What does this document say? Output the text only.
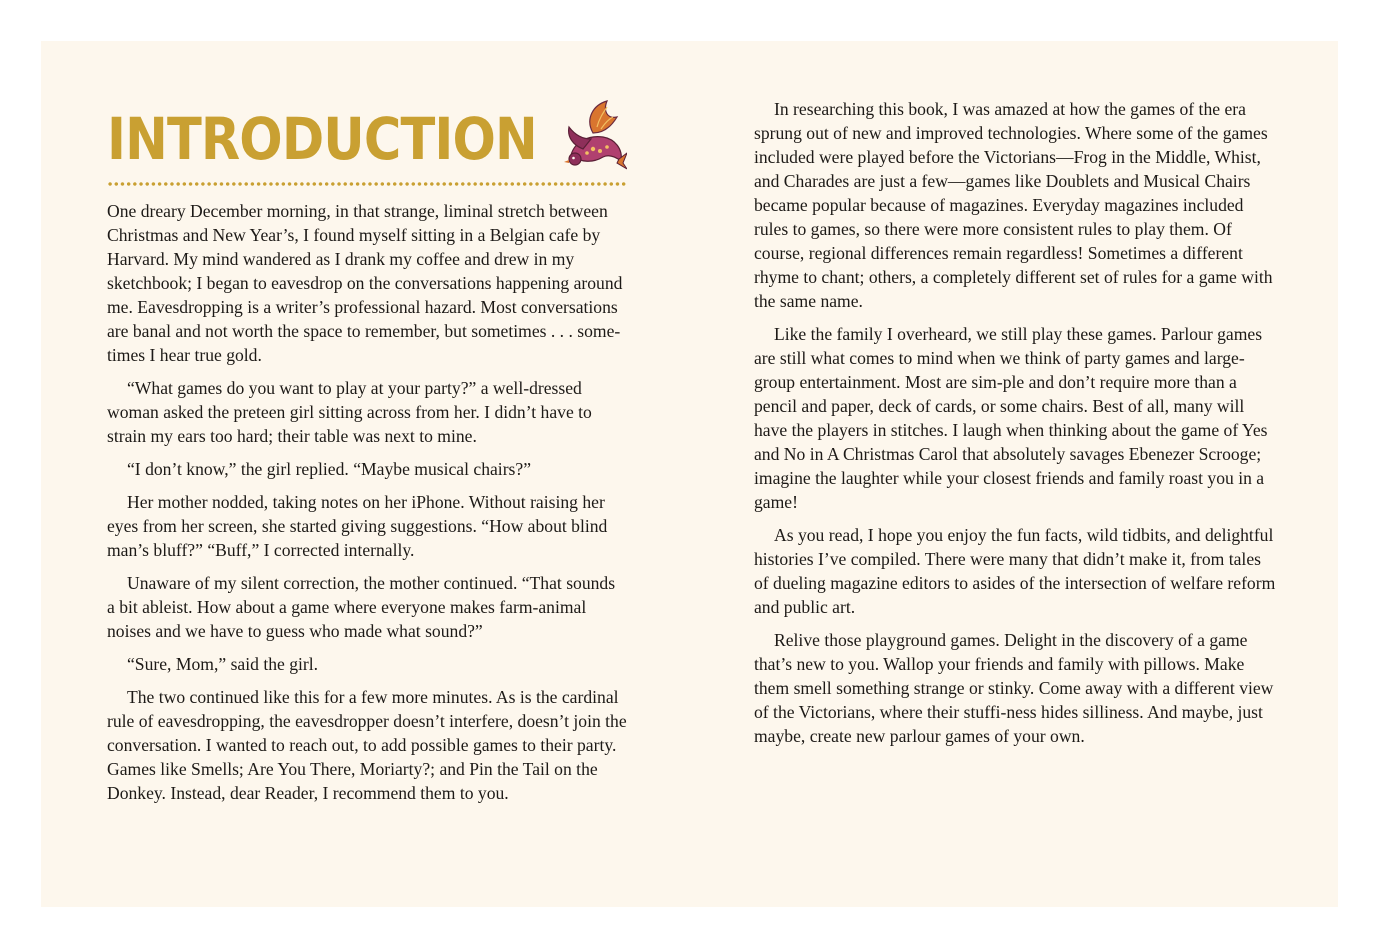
INTRODUCTION

One dreary December morning, in that strange, liminal stretch between Christmas and New Year’s, I found myself sitting in a Belgian cafe by Harvard. My mind wandered as I drank my coffee and drew in my sketchbook; I began to eavesdrop on the conversations happening around me. Eavesdropping is a writer’s professional hazard. Most conversations are banal and not worth the space to remember, but sometimes . . . some-times I hear true gold.

“What games do you want to play at your party?” a well-dressed woman asked the preteen girl sitting across from her. I didn’t have to strain my ears too hard; their table was next to mine.

“I don’t know,” the girl replied. “Maybe musical chairs?”

Her mother nodded, taking notes on her iPhone. Without raising her eyes from her screen, she started giving suggestions. “How about blind man’s bluff?” “Buff,” I corrected internally.

Unaware of my silent correction, the mother continued. “That sounds a bit ableist. How about a game where everyone makes farm-animal noises and we have to guess who made what sound?”

“Sure, Mom,” said the girl.

The two continued like this for a few more minutes. As is the cardinal rule of eavesdropping, the eavesdropper doesn’t interfere, doesn’t join the conversation. I wanted to reach out, to add possible games to their party. Games like Smells; Are You There, Moriarty?; and Pin the Tail on the Donkey. Instead, dear Reader, I recommend them to you.

In researching this book, I was amazed at how the games of the era sprung out of new and improved technologies. Where some of the games included were played before the Victorians—Frog in the Middle, Whist, and Charades are just a few—games like Doublets and Musical Chairs became popular because of magazines. Everyday magazines included rules to games, so there were more consistent rules to play them. Of course, regional differences remain regardless! Sometimes a different rhyme to chant; others, a completely different set of rules for a game with the same name.

Like the family I overheard, we still play these games. Parlour games are still what comes to mind when we think of party games and large-group entertainment. Most are sim-ple and don’t require more than a pencil and paper, deck of cards, or some chairs. Best of all, many will have the players in stitches. I laugh when thinking about the game of Yes and No in A Christmas Carol that absolutely savages Ebenezer Scrooge; imagine the laughter while your closest friends and family roast you in a game!

As you read, I hope you enjoy the fun facts, wild tidbits, and delightful histories I’ve compiled. There were many that didn’t make it, from tales of dueling magazine editors to asides of the intersection of welfare reform and public art.

Relive those playground games. Delight in the discovery of a game that’s new to you. Wallop your friends and family with pillows. Make them smell something strange or stinky. Come away with a different view of the Victorians, where their stuffi-ness hides silliness. And maybe, just maybe, create new parlour games of your own.
